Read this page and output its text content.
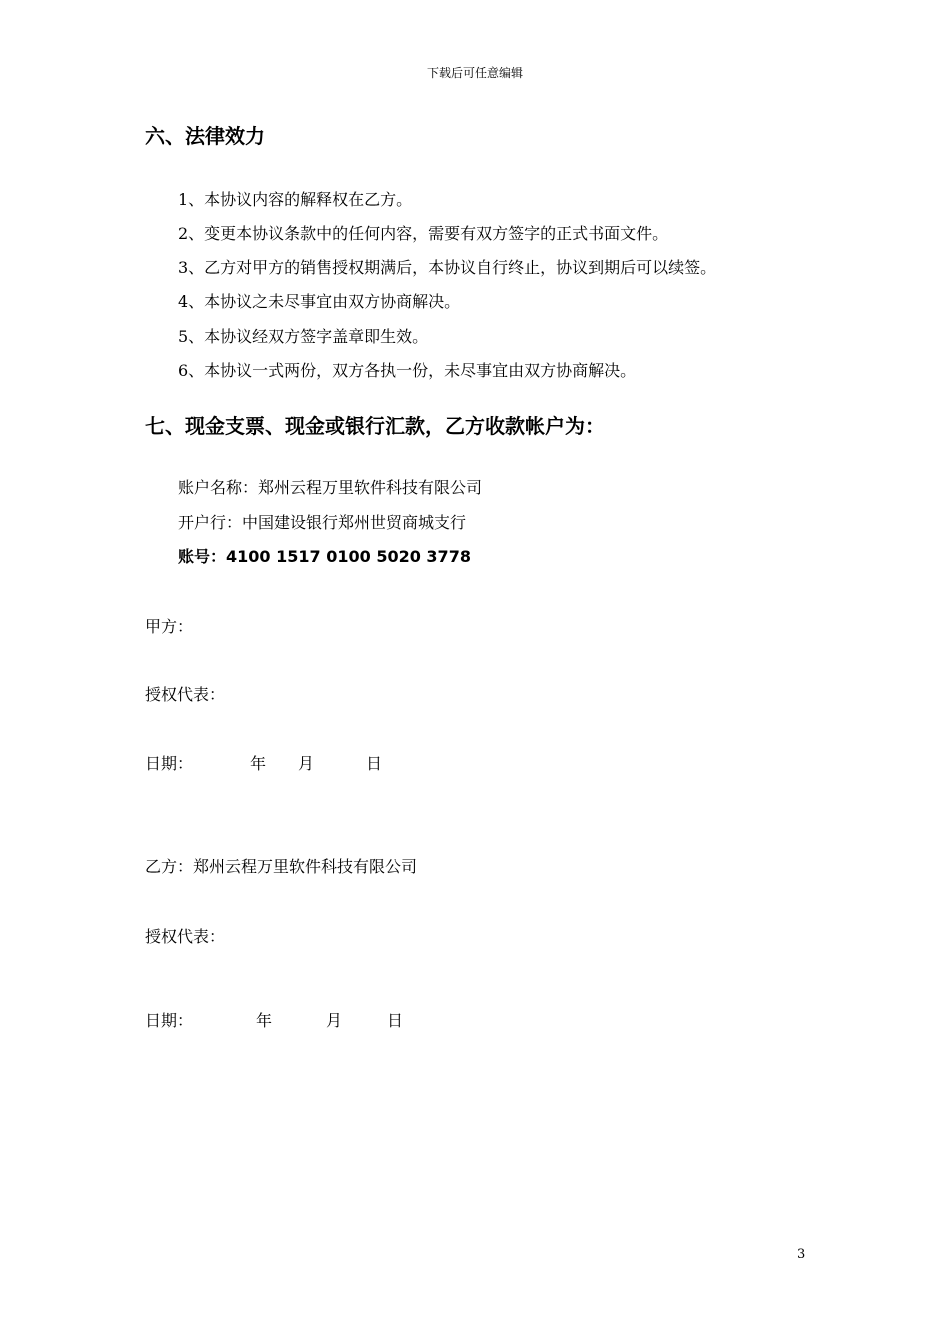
下载后可任意编辑
六、法律效力
1、本协议内容的解释权在乙方。
2、变更本协议条款中的任何内容，需要有双方签字的正式书面文件。
3、乙方对甲方的销售授权期满后，本协议自行终止，协议到期后可以续签。
4、本协议之未尽事宜由双方协商解决。
5、本协议经双方签字盖章即生效。
6、本协议一式两份，双方各执一份，未尽事宜由双方协商解决。
七、现金支票、现金或银行汇款，乙方收款帐户为：
账户名称：郑州云程万里软件科技有限公司
开户行：中国建设银行郑州世贸商城支行
账号：4100 1517 0100 5020 3778
甲方：
授权代表：
日期：	年 月	日
乙方：郑州云程万里软件科技有限公司
授权代表：
日期：	年	月	日
3
